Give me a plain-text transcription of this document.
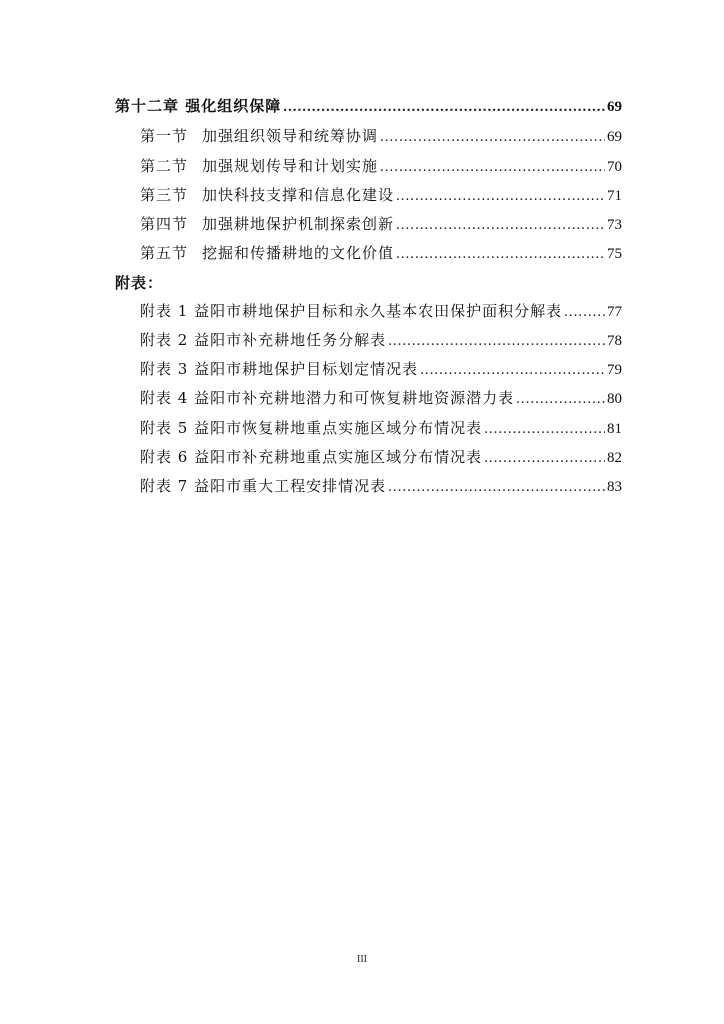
第十二章 强化组织保障 .....	69
第一节 加强组织领导和统筹协调 .....	69
第二节 加强规划传导和计划实施 .....	70
第三节 加快科技支撑和信息化建设 .....	71
第四节 加强耕地保护机制探索创新 .....	73
第五节 挖掘和传播耕地的文化价值 .....	75
附表：
附表 1 益阳市耕地保护目标和永久基本农田保护面积分解表 .....	77
附表 2 益阳市补充耕地任务分解表 .....	78
附表 3 益阳市耕地保护目标划定情况表 .....	79
附表 4 益阳市补充耕地潜力和可恢复耕地资源潜力表 .....	80
附表 5 益阳市恢复耕地重点实施区域分布情况表 .....	81
附表 6 益阳市补充耕地重点实施区域分布情况表 .....	82
附表 7 益阳市重大工程安排情况表 .....	83
III
